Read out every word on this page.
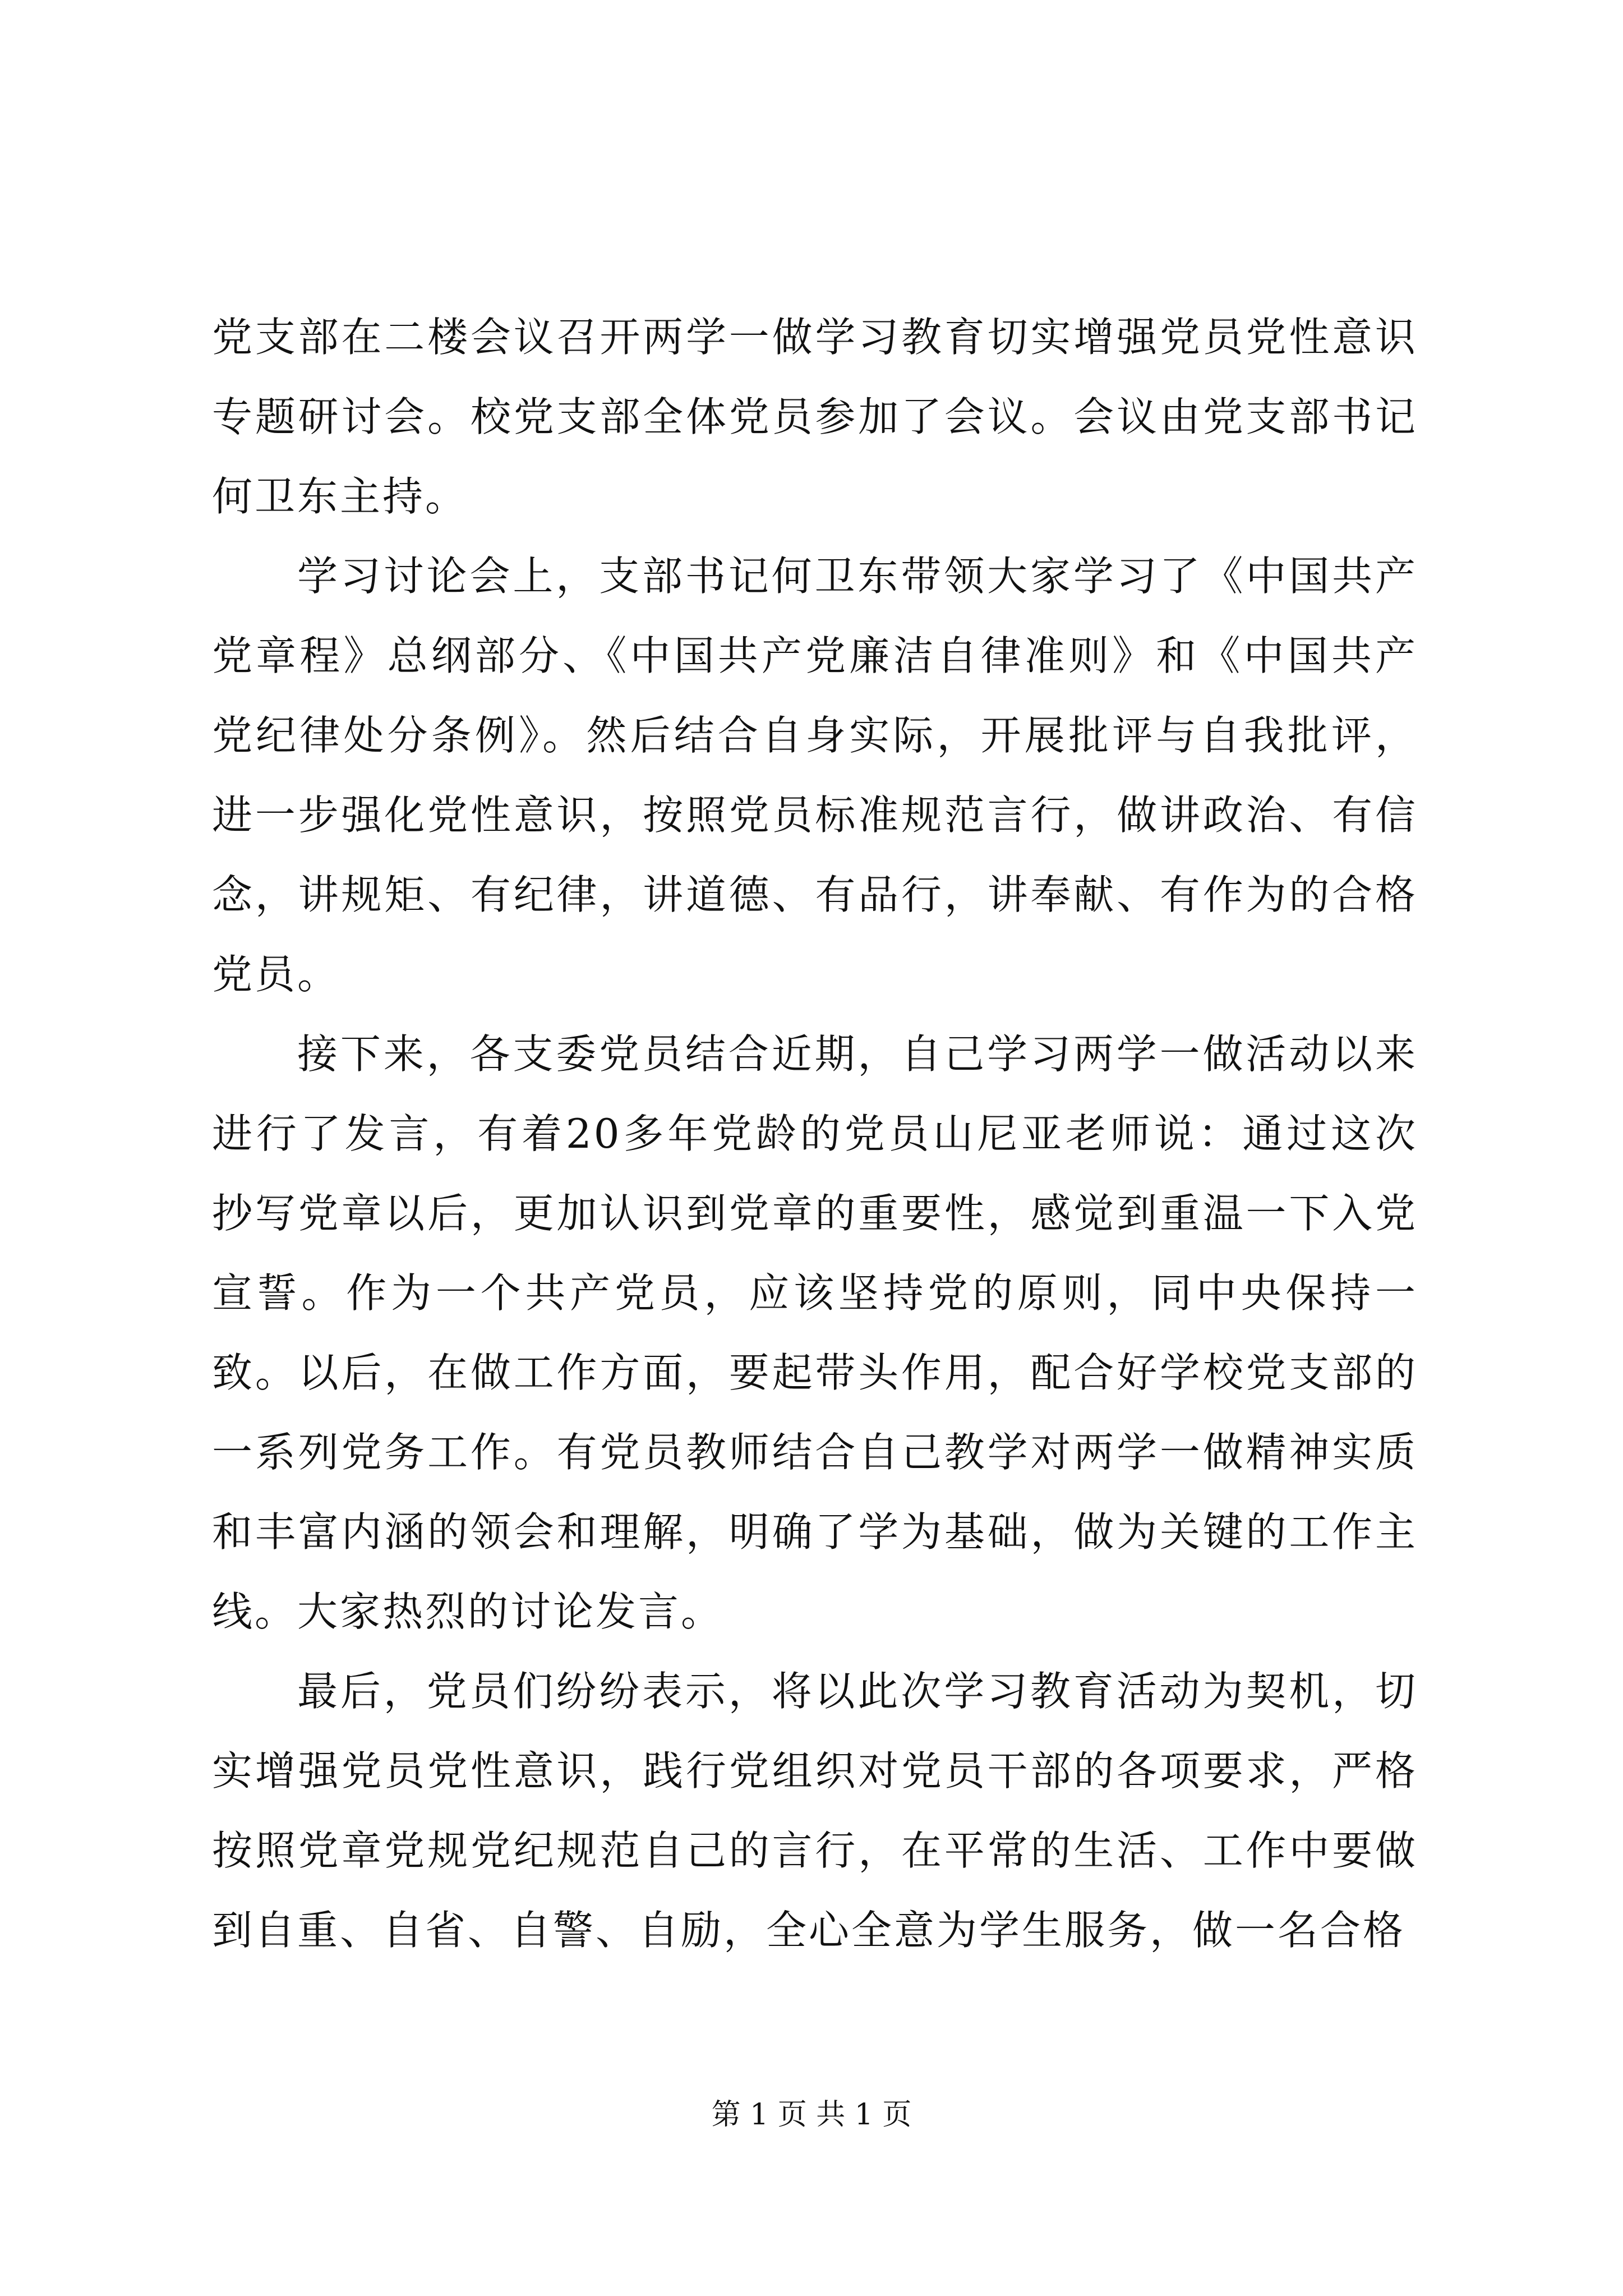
党支部在二楼会议召开两学一做学习教育切实增强党员党性意识专题研讨会。校党支部全体党员参加了会议。会议由党支部书记何卫东主持。

学习讨论会上，支部书记何卫东带领大家学习了《中国共产党章程》总纲部分、《中国共产党廉洁自律准则》和《中国共产党纪律处分条例》。然后结合自身实际，开展批评与自我批评，进一步强化党性意识，按照党员标准规范言行，做讲政治、有信念，讲规矩、有纪律，讲道德、有品行，讲奉献、有作为的合格党员。

接下来，各支委党员结合近期，自己学习两学一做活动以来进行了发言，有着20多年党龄的党员山尼亚老师说：通过这次抄写党章以后，更加认识到党章的重要性，感觉到重温一下入党宣誓。作为一个共产党员，应该坚持党的原则，同中央保持一致。以后，在做工作方面，要起带头作用，配合好学校党支部的一系列党务工作。有党员教师结合自己教学对两学一做精神实质和丰富内涵的领会和理解，明确了学为基础，做为关键的工作主线。大家热烈的讨论发言。

最后，党员们纷纷表示，将以此次学习教育活动为契机，切实增强党员党性意识，践行党组织对党员干部的各项要求，严格按照党章党规党纪规范自己的言行，在平常的生活、工作中要做到自重、自省、自警、自励，全心全意为学生服务，做一名合格

第 1 页 共 1 页
